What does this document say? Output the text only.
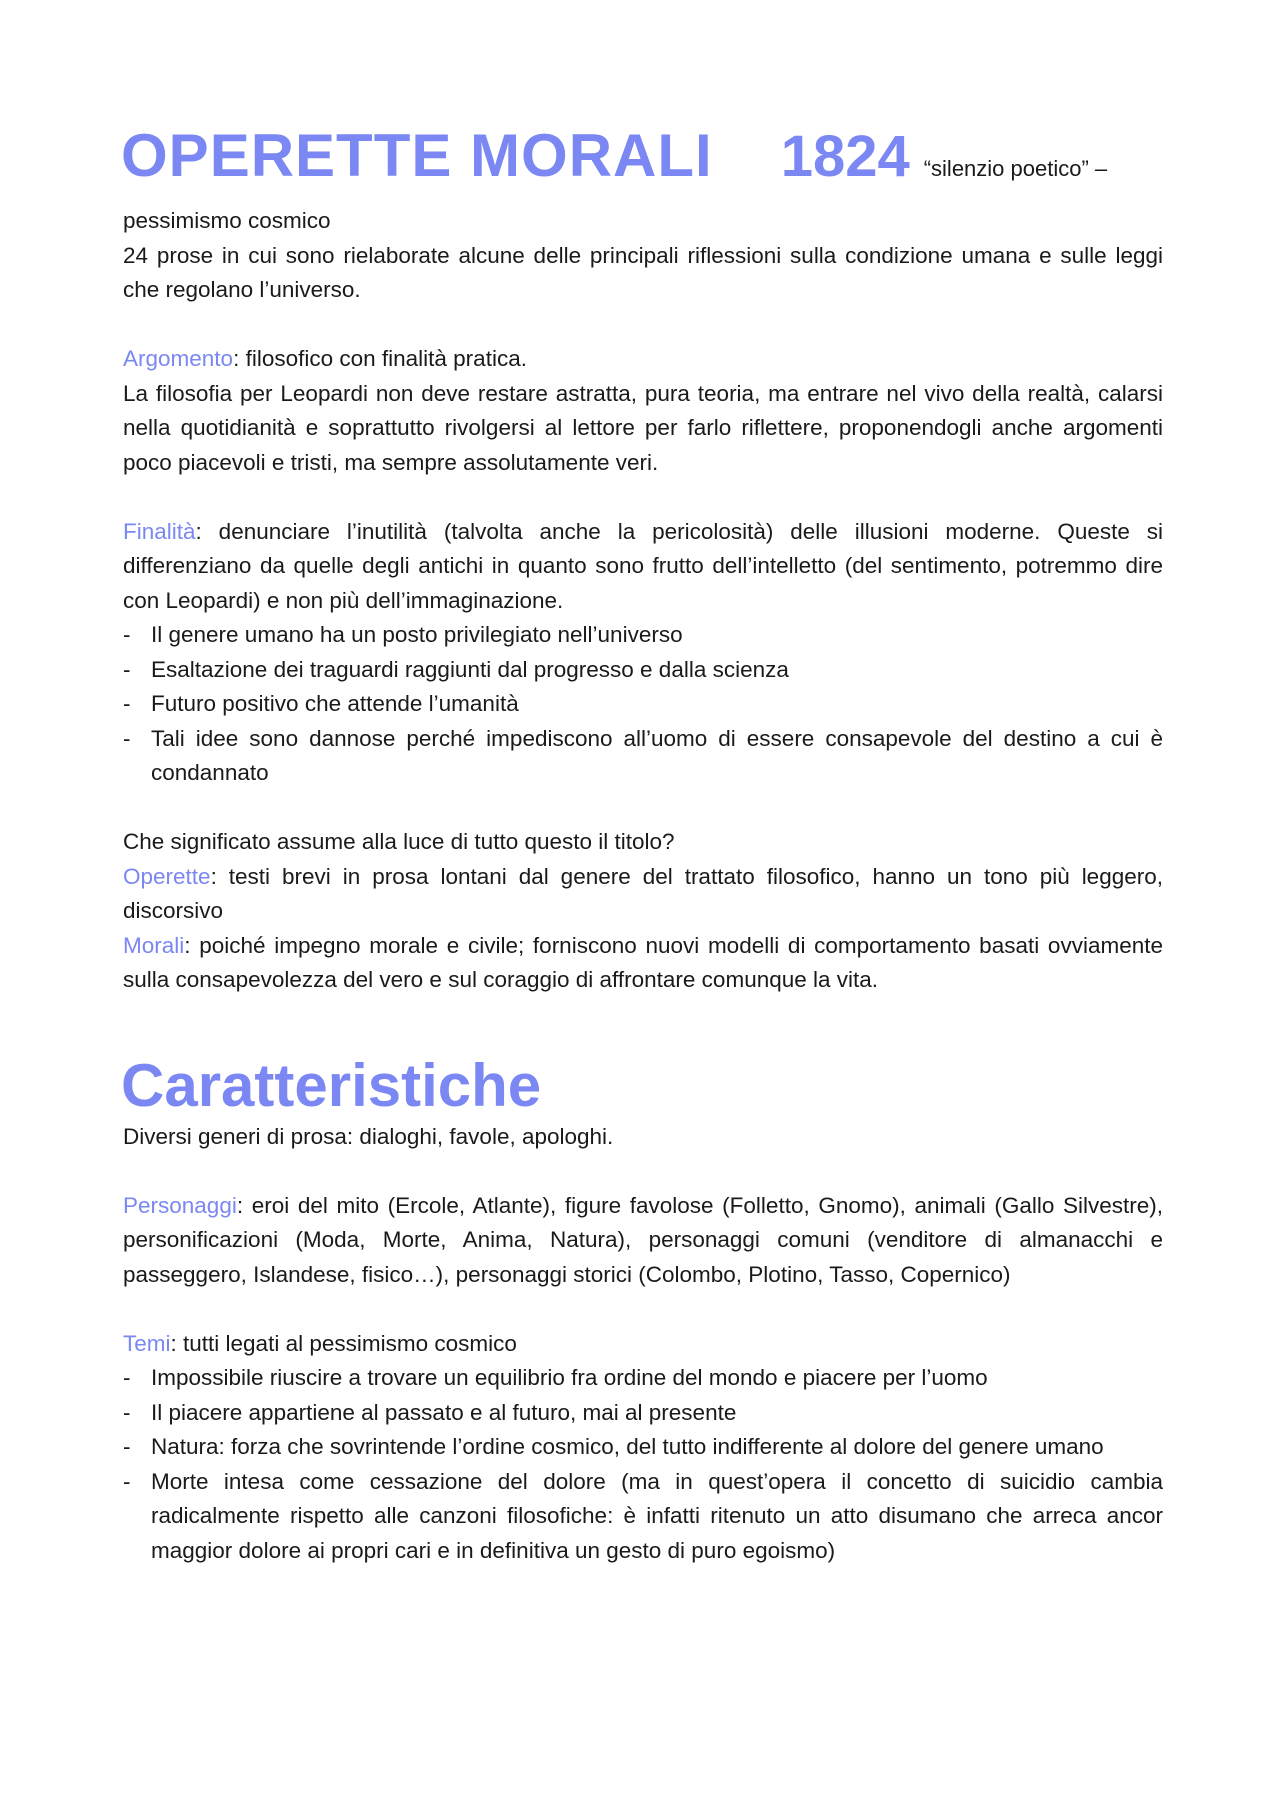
OPERETTE MORALI 1824 “silenzio poetico” –

pessimismo cosmico

24 prose in cui sono rielaborate alcune delle principali riflessioni sulla condizione umana e sulle leggi che regolano l’universo.

Argomento: filosofico con finalità pratica.

La filosofia per Leopardi non deve restare astratta, pura teoria, ma entrare nel vivo della realtà, calarsi nella quotidianità e soprattutto rivolgersi al lettore per farlo riflettere, proponendogli anche argomenti poco piacevoli e tristi, ma sempre assolutamente veri.

Finalità: denunciare l’inutilità (talvolta anche la pericolosità) delle illusioni moderne. Queste si differenziano da quelle degli antichi in quanto sono frutto dell’intelletto (del sentimento, potremmo dire con Leopardi) e non più dell’immaginazione.

- Il genere umano ha un posto privilegiato nell’universo
- Esaltazione dei traguardi raggiunti dal progresso e dalla scienza
- Futuro positivo che attende l’umanità
- Tali idee sono dannose perché impediscono all’uomo di essere consapevole del destino a cui è condannato

Che significato assume alla luce di tutto questo il titolo?

Operette: testi brevi in prosa lontani dal genere del trattato filosofico, hanno un tono più leggero, discorsivo

Morali: poiché impegno morale e civile; forniscono nuovi modelli di comportamento basati ovviamente sulla consapevolezza del vero e sul coraggio di affrontare comunque la vita.

Caratteristiche

Diversi generi di prosa: dialoghi, favole, apologhi.

Personaggi: eroi del mito (Ercole, Atlante), figure favolose (Folletto, Gnomo), animali (Gallo Silvestre), personificazioni (Moda, Morte, Anima, Natura), personaggi comuni (venditore di almanacchi e passeggero, Islandese, fisico…), personaggi storici (Colombo, Plotino, Tasso, Copernico)

Temi: tutti legati al pessimismo cosmico

- Impossibile riuscire a trovare un equilibrio fra ordine del mondo e piacere per l’uomo
- Il piacere appartiene al passato e al futuro, mai al presente
- Natura: forza che sovrintende l’ordine cosmico, del tutto indifferente al dolore del genere umano
- Morte intesa come cessazione del dolore (ma in quest’opera il concetto di suicidio cambia radicalmente rispetto alle canzoni filosofiche: è infatti ritenuto un atto disumano che arreca ancor maggior dolore ai propri cari e in definitiva un gesto di puro egoismo)
